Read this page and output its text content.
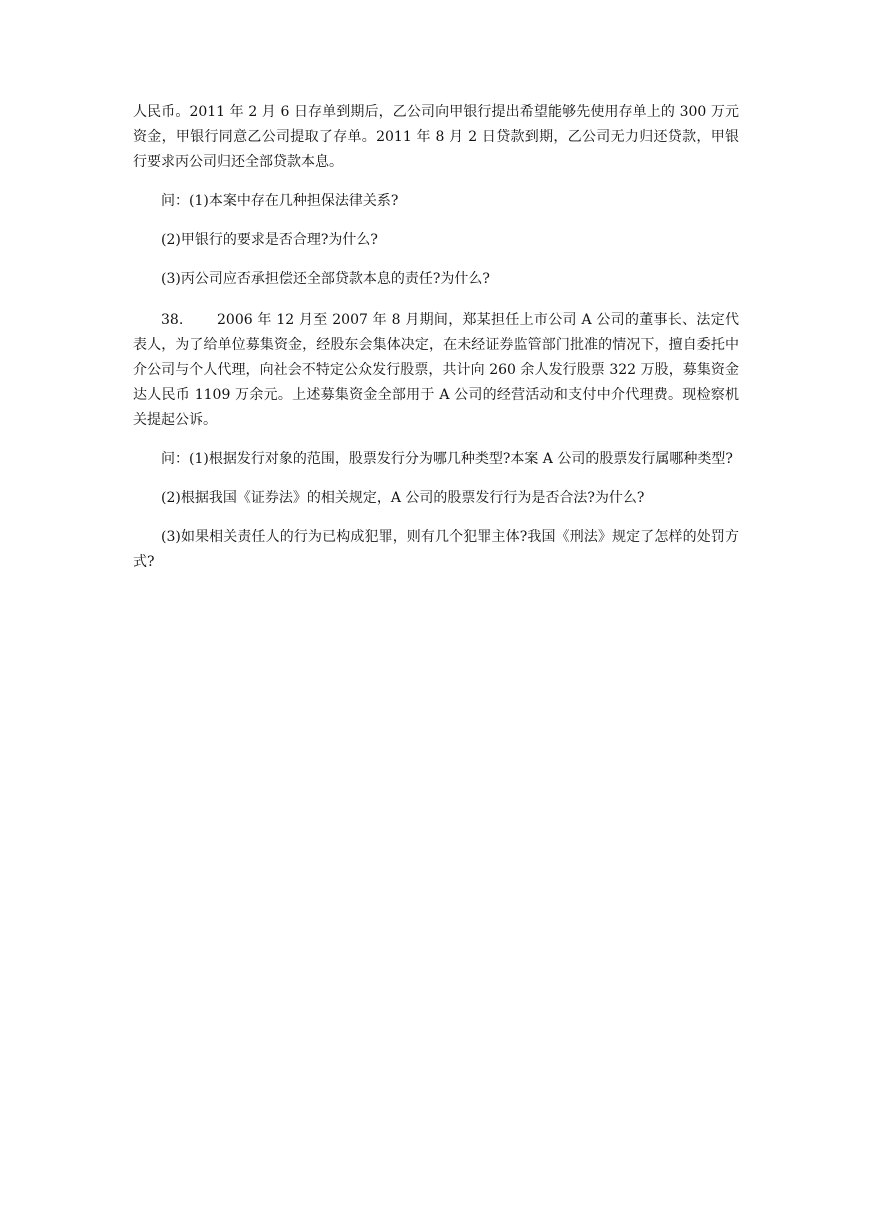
人民币。2011 年 2 月 6 日存单到期后，乙公司向甲银行提出希望能够先使用存单上的 300 万元资金，甲银行同意乙公司提取了存单。2011 年 8 月 2 日贷款到期，乙公司无力归还贷款，甲银行要求丙公司归还全部贷款本息。

问：(1)本案中存在几种担保法律关系?

(2)甲银行的要求是否合理?为什么?

(3)丙公司应否承担偿还全部贷款本息的责任?为什么?

38. 2006 年 12 月至 2007 年 8 月期间，郑某担任上市公司 A 公司的董事长、法定代表人，为了给单位募集资金，经股东会集体决定，在未经证券监管部门批准的情况下，擅自委托中介公司与个人代理，向社会不特定公众发行股票，共计向 260 余人发行股票 322 万股，募集资金达人民币 1109 万余元。上述募集资金全部用于 A 公司的经营活动和支付中介代理费。现检察机关提起公诉。

问：(1)根据发行对象的范围，股票发行分为哪几种类型?本案 A 公司的股票发行属哪种类型?

(2)根据我国《证券法》的相关规定，A 公司的股票发行行为是否合法?为什么?

(3)如果相关责任人的行为已构成犯罪，则有几个犯罪主体?我国《刑法》规定了怎样的处罚方式?
